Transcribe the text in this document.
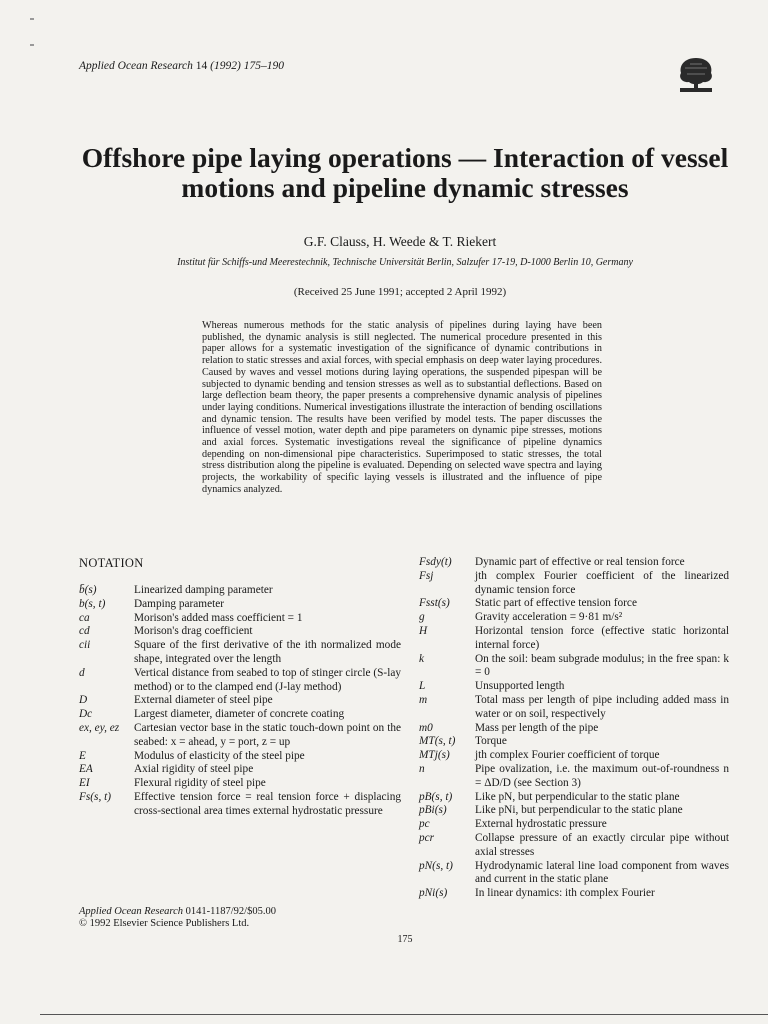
Applied Ocean Research 14 (1992) 175–190
Offshore pipe laying operations — Interaction of vessel motions and pipeline dynamic stresses
G.F. Clauss, H. Weede & T. Riekert
Institut für Schiffs-und Meerestechnik, Technische Universität Berlin, Salzufer 17-19, D-1000 Berlin 10, Germany
(Received 25 June 1991; accepted 2 April 1992)
Whereas numerous methods for the static analysis of pipelines during laying have been published, the dynamic analysis is still neglected. The numerical procedure presented in this paper allows for a systematic investigation of the significance of dynamic contributions in relation to static stresses and axial forces, with special emphasis on deep water laying procedures. Caused by waves and vessel motions during laying operations, the suspended pipespan will be subjected to dynamic bending and tension stresses as well as to substantial deflections. Based on large deflection beam theory, the paper presents a comprehensive dynamic analysis of pipelines under laying conditions. Numerical investigations illustrate the interaction of bending oscillations and dynamic tension. The results have been verified by model tests. The paper discusses the influence of vessel motion, water depth and pipe parameters on dynamic pipe stresses, motions and axial forces. Systematic investigations reveal the significance of pipeline dynamics depending on non-dimensional pipe characteristics. Superimposed to static stresses, the total stress distribution along the pipeline is evaluated. Depending on selected wave spectra and laying projects, the workability of specific laying vessels is illustrated and the influence of pipe dynamics analyzed.
NOTATION
b̄(s)	Linearized damping parameter
b(s, t)	Damping parameter
ca	Morison's added mass coefficient = 1
cd	Morison's drag coefficient
cii	Square of the first derivative of the ith normalized mode shape, integrated over the length
d	Vertical distance from seabed to top of stinger circle (S-lay method) or to the clamped end (J-lay method)
D	External diameter of steel pipe
Dc	Largest diameter, diameter of concrete coating
ex, ey, ez	Cartesian vector base in the static touch-down point on the seabed: x = ahead, y = port, z = up
E	Modulus of elasticity of the steel pipe
EA	Axial rigidity of steel pipe
EI	Flexural rigidity of steel pipe
Fs(s, t)	Effective tension force = real tension force + displacing cross-sectional area times external hydrostatic pressure
Fsdy(t)	Dynamic part of effective or real tension force
Fsj	jth complex Fourier coefficient of the linearized dynamic tension force
Fsst(s)	Static part of effective tension force
g	Gravity acceleration = 9·81 m/s²
H	Horizontal tension force (effective static horizontal internal force)
k	On the soil: beam subgrade modulus; in the free span: k = 0
L	Unsupported length
m	Total mass per length of pipe including added mass in water or on soil, respectively
m0	Mass per length of the pipe
MT(s, t)	Torque
MTj(s)	jth complex Fourier coefficient of torque
n	Pipe ovalization, i.e. the maximum out-of-roundness n = ΔD/D (see Section 3)
pB(s, t)	Like pN, but perpendicular to the static plane
pBi(s)	Like pNi, but perpendicular to the static plane
pc	External hydrostatic pressure
pcr	Collapse pressure of an exactly circular pipe without axial stresses
pN(s, t)	Hydrodynamic lateral line load component from waves and current in the static plane
pNi(s)	In linear dynamics: ith complex Fourier
Applied Ocean Research 0141-1187/92/$05.00
© 1992 Elsevier Science Publishers Ltd.
175
